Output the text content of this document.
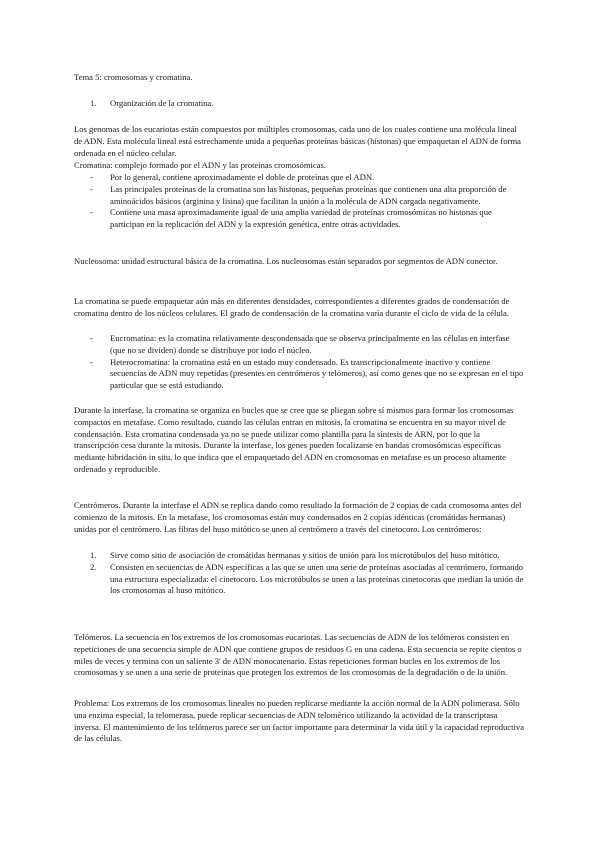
Tema 5: cromosomas y cromatina.

1. Organización de la cromatina.

Los genomas de los eucariotas están compuestos por múltiples cromosomas, cada uno de los cuales contiene una molécula lineal de ADN. Esta molécula lineal está estrechamente unida a pequeñas proteínas básicas (histonas) que empaquetan el ADN de forma ordenada en el núcleo celular.

Cromatina: complejo formado por el ADN y las proteínas cromosómicas.

- Por lo general, contiene aproximadamente el doble de proteínas que el ADN.
- Las principales proteínas de la cromatina son las histonas, pequeñas proteínas que contienen una alta proporción de aminoácidos básicos (arginina y lisina) que facilitan la unión a la molécula de ADN cargada negativamente.
- Contiene una masa aproximadamente igual de una amplia variedad de proteínas cromosómicas no histonas que participan en la replicación del ADN y la expresión genética, entre otras actividades.

Nucleosoma: unidad estructural básica de la cromatina. Los nucleosomas están separados por segmentos de ADN conector.

La cromatina se puede empaquetar aún más en diferentes densidades, correspondientes a diferentes grados de condensación de cromatina dentro de los núcleos celulares. El grado de condensación de la cromatina varía durante el ciclo de vida de la célula.

- Eucromatina: es la cromatina relativamente descondensada que se observa principalmente en las células en interfase (que no se dividen) donde se distribuye por todo el núcleo.
- Heterocromatina: la cromatina está en un estado muy condensado. Es transcripcionalmente inactivo y contiene secuencias de ADN muy repetidas (presentes en centrómeros y telómeros), así como genes que no se expresan en el tipo particular que se está estudiando.

Durante la interfase, la cromatina se organiza en bucles que se cree que se pliegan sobre sí mismos para formar los cromosomas compactos en metafase. Como resultado, cuando las células entran en mitosis, la cromatina se encuentra en su mayor nivel de condensación. Esta cromatina condensada ya no se puede utilizar como plantilla para la síntesis de ARN, por lo que la transcripción cesa durante la mitosis. Durante la interfase, los genes pueden localizarse en bandas cromosómicas específicas mediante hibridación in situ, lo que indica que el empaquetado del ADN en cromosomas en metafase es un proceso altamente ordenado y reproducible.

Centrómeros. Durante la interfase el ADN se replica dando como resultado la formación de 2 copias de cada cromosoma antes del comienzo de la mitosis. En la metafase, los cromosomas están muy condensados en 2 copias idénticas (cromátidas hermanas) unidas por el centrómero. Las fibras del huso mitótico se unen al centrómero a través del cinetocoro. Los centrómeros:

1. Sirve como sitio de asociación de cromátidas hermanas y sitios de unión para los microtúbulos del huso mitótico.
2. Consisten en secuencias de ADN específicas a las que se unen una serie de proteínas asociadas al centrómero, formando una estructura especializada: el cinetocoro. Los microtúbulos se unen a las proteínas cinetocoras que median la unión de los cromosomas al huso mitótico.

Telómeros. La secuencia en los extremos de los cromosomas eucariotas. Las secuencias de ADN de los telómeros consisten en repeticiones de una secuencia simple de ADN que contiene grupos de residuos G en una cadena. Esta secuencia se repite cientos o miles de veces y termina con un saliente 3' de ADN monocatenario. Estas repeticiones forman bucles en los extremos de los cromosomas y se unen a una serie de proteínas que protegen los extremos de los cromosomas de la degradación o de la unión.

Problema: Los extremos de los cromosomas lineales no pueden replicarse mediante la acción normal de la ADN polimerasa. Sólo una enzima especial, la telomerasa, puede replicar secuencias de ADN telomérico utilizando la actividad de la transcriptasa inversa. El mantenimiento de los telómeros parece ser un factor importante para determinar la vida útil y la capacidad reproductiva de las células.
